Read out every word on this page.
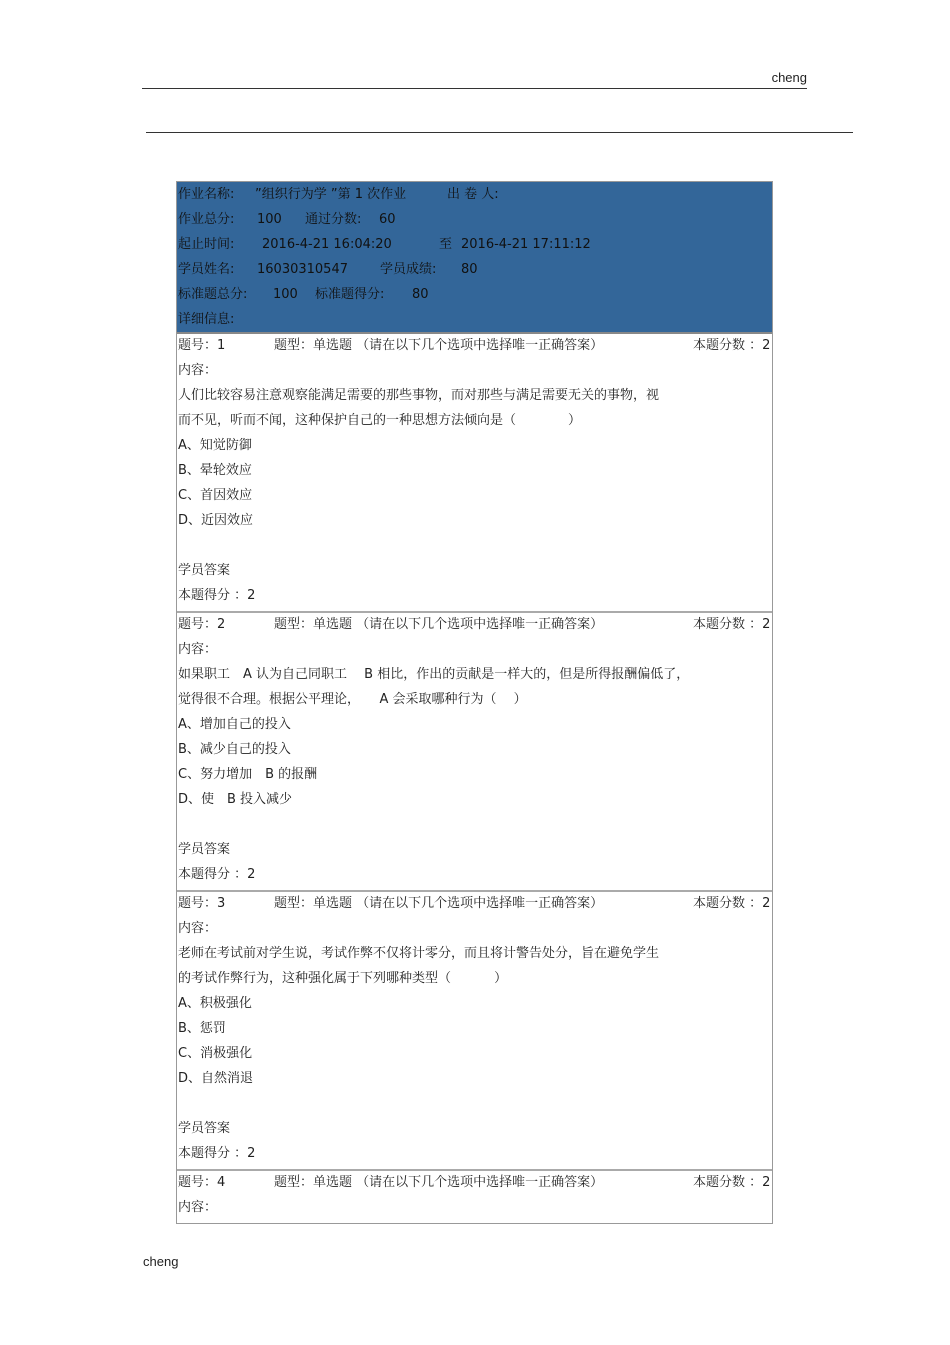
cheng
作业名称: ”组织行为学 ”第 1 次作业	出 卷 人:
作业总分: 100 通过分数: 60
起止时间: 2016-4-21 16:04:20	至 2016-4-21 17:11:12
学员姓名: 16030310547 学员成绩: 80
标准题总分: 100 标准题得分: 80
详细信息:
题号：1	题型：单选题 （请在以下几个选项中选择唯一正确答案）	本题分数 ：2
内容：
人们比较容易注意观察能满足需要的那些事物，而对那些与满足需要无关的事物，视
而不见，听而不闻，这种保护自己的一种思想方法倾向是（　　　　）
A、知觉防御
B、晕轮效应
C、首因效应
D、近因效应
学员答案
本题得分 ：2
题号：2	题型：单选题 （请在以下几个选项中选择唯一正确答案）	本题分数 ：2
内容：
如果职工　A 认为自己同职工　 B 相比，作出的贡献是一样大的，但是所得报酬偏低了，
觉得很不合理。根据公平理论，　　A 会采取哪种行为（　 ）
A、增加自己的投入
B、减少自己的投入
C、努力增加　B 的报酬
D、使　B 投入减少
学员答案
本题得分 ：2
题号：3	题型：单选题 （请在以下几个选项中选择唯一正确答案）	本题分数 ：2
内容：
老师在考试前对学生说，考试作弊不仅将计零分，而且将计警告处分，旨在避免学生
的考试作弊行为，这种强化属于下列哪种类型（　　　 ）
A、积极强化
B、惩罚
C、消极强化
D、自然消退
学员答案
本题得分 ：2
题号：4	题型：单选题 （请在以下几个选项中选择唯一正确答案）	本题分数 ：2
内容：
cheng
